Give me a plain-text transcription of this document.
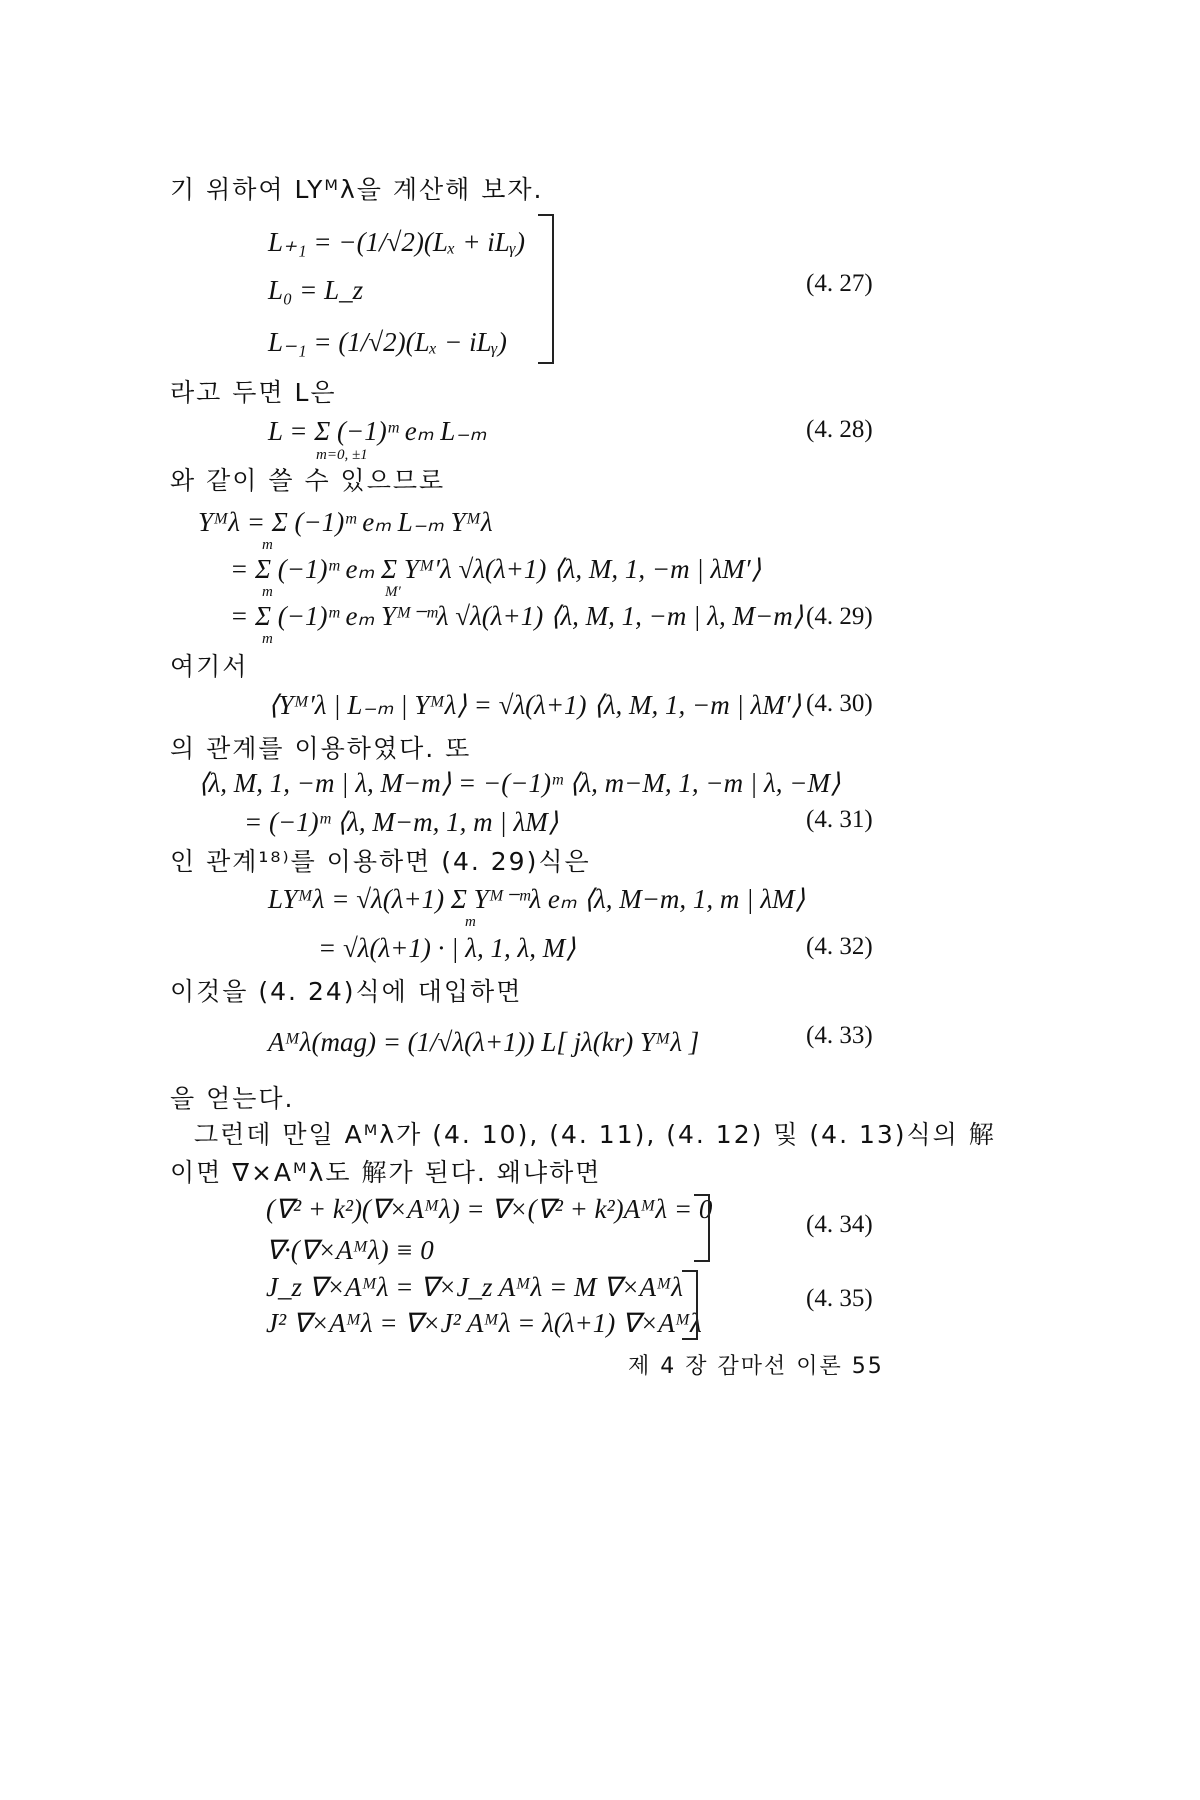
기 위하여 LYᴹλ을 계산해 보자.
L₊₁ = −(1/√2)(Lₓ + iLᵧ)
L₀ = L_z
L₋₁ = (1/√2)(Lₓ − iLᵧ)
라고 두면 L은
L = Σ (−1)ᵐ eₘ L₋ₘ
m=0, ±1
와 같이 쓸 수 있으므로
Yᴹλ = Σ (−1)ᵐ eₘ L₋ₘ Yᴹλ
m
= Σ (−1)ᵐ eₘ Σ Yᴹ′λ √λ(λ+1) ⟨λ, M, 1, −m | λM′⟩
m	M′
= Σ (−1)ᵐ eₘ Yᴹ⁻ᵐλ √λ(λ+1) ⟨λ, M, 1, −m | λ, M−m⟩
m
여기서
⟨Yᴹ′λ | L₋ₘ | Yᴹλ⟩ = √λ(λ+1) ⟨λ, M, 1, −m | λM′⟩
의 관계를 이용하였다. 또
⟨λ, M, 1, −m | λ, M−m⟩ = −(−1)ᵐ ⟨λ, m−M, 1, −m | λ, −M⟩
= (−1)ᵐ ⟨λ, M−m, 1, m | λM⟩
인 관계¹⁸⁾를 이용하면 (4. 29)식은
LYᴹλ = √λ(λ+1) Σ Yᴹ⁻ᵐλ eₘ ⟨λ, M−m, 1, m | λM⟩
m
= √λ(λ+1) · | λ, 1, λ, M⟩
이것을 (4. 24)식에 대입하면
Aᴹλ(mag) = (1/√λ(λ+1)) L[ jλ(kr) Yᴹλ ]
을 얻는다.
그런데 만일 Aᴹλ가 (4. 10), (4. 11), (4. 12) 및 (4. 13)식의 解
이면 ∇×Aᴹλ도 解가 된다. 왜냐하면
(∇² + k²)(∇×Aᴹλ) = ∇×(∇² + k²)Aᴹλ = 0
∇·(∇×Aᴹλ) ≡ 0
J_z ∇×Aᴹλ = ∇×J_z Aᴹλ = M ∇×Aᴹλ
J² ∇×Aᴹλ = ∇×J² Aᴹλ = λ(λ+1) ∇×Aᴹλ
(4. 27)
(4. 28)
(4. 29)
(4. 30)
(4. 31)
(4. 32)
(4. 33)
(4. 34)
(4. 35)
제 4 장 감마선 이론 55
